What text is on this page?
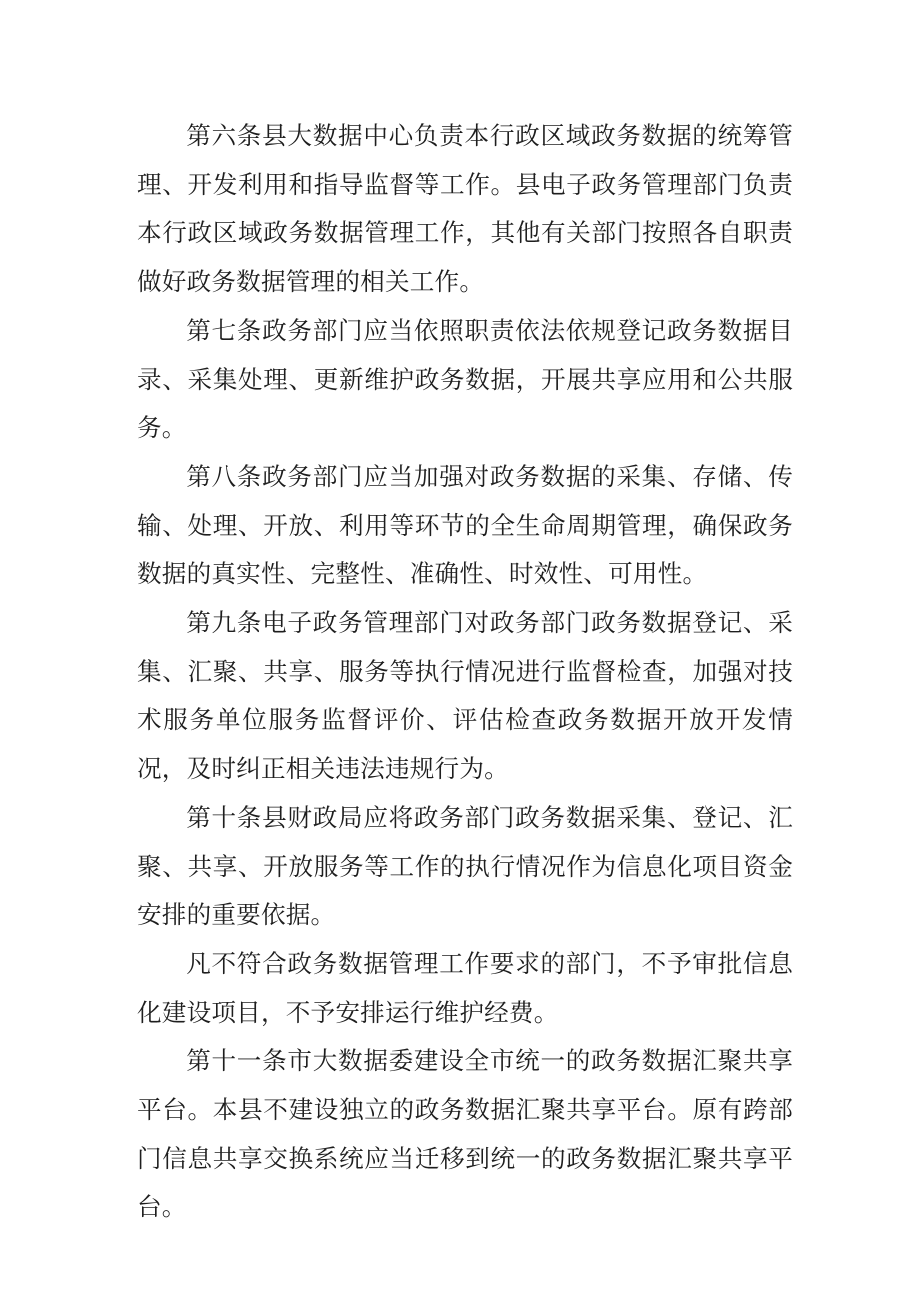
第六条县大数据中心负责本行政区域政务数据的统筹管理、开发利用和指导监督等工作。县电子政务管理部门负责本行政区域政务数据管理工作，其他有关部门按照各自职责做好政务数据管理的相关工作。

第七条政务部门应当依照职责依法依规登记政务数据目录、采集处理、更新维护政务数据，开展共享应用和公共服务。

第八条政务部门应当加强对政务数据的采集、存储、传输、处理、开放、利用等环节的全生命周期管理，确保政务数据的真实性、完整性、准确性、时效性、可用性。

第九条电子政务管理部门对政务部门政务数据登记、采集、汇聚、共享、服务等执行情况进行监督检查，加强对技术服务单位服务监督评价、评估检查政务数据开放开发情况，及时纠正相关违法违规行为。

第十条县财政局应将政务部门政务数据采集、登记、汇聚、共享、开放服务等工作的执行情况作为信息化项目资金安排的重要依据。

凡不符合政务数据管理工作要求的部门，不予审批信息化建设项目，不予安排运行维护经费。

第十一条市大数据委建设全市统一的政务数据汇聚共享平台。本县不建设独立的政务数据汇聚共享平台。原有跨部门信息共享交换系统应当迁移到统一的政务数据汇聚共享平台。
